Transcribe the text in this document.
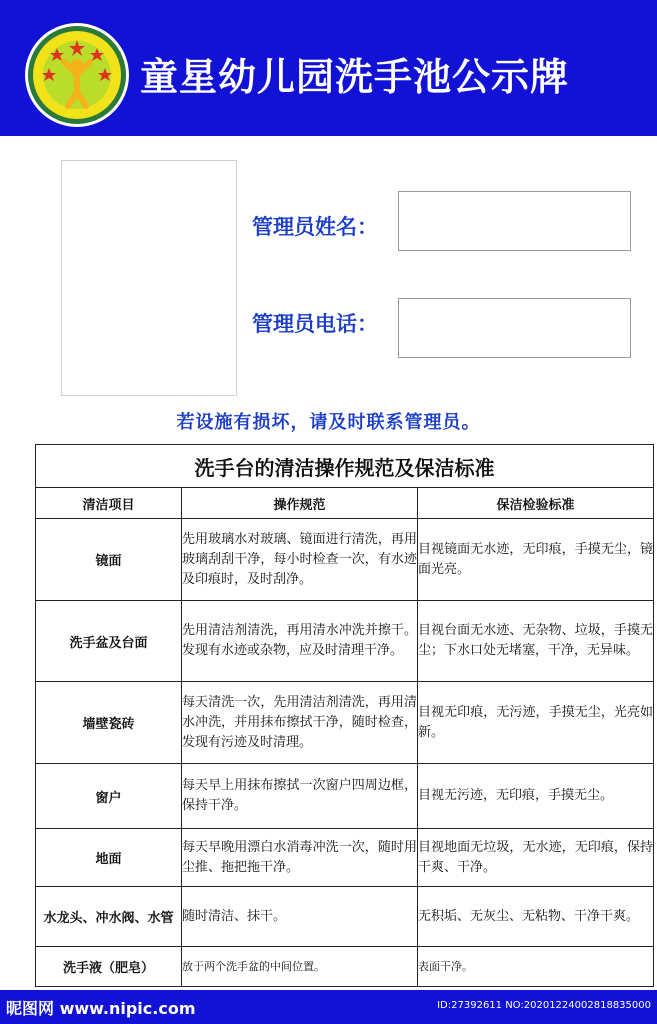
童星幼儿园洗手池公示牌
管理员姓名：
管理员电话：
若设施有损坏，请及时联系管理员。
洗手台的清洁操作规范及保洁标准		
清洁项目	操作规范	保洁检验标准
镜面	先用玻璃水对玻璃、镜面进行清洗，再用玻璃刮刮干净，每小时检查一次，有水迹及印痕时，及时刮净。	目视镜面无水迹，无印痕，手摸无尘，镜面光亮。
洗手盆及台面	先用清洁剂清洗，再用清水冲洗并擦干。发现有水迹或杂物，应及时清理干净。	目视台面无水迹、无杂物、垃圾，手摸无尘；下水口处无堵塞，干净，无异味。
墙壁瓷砖	每天清洗一次，先用清洁剂清洗，再用清水冲洗，并用抹布擦拭干净，随时检查，发现有污迹及时清理。	目视无印痕，无污迹，手摸无尘，光亮如新。
窗户	每天早上用抹布擦拭一次窗户四周边框，保持干净。	目视无污迹，无印痕，手摸无尘。
地面	每天早晚用漂白水消毒冲洗一次，随时用尘推、拖把拖干净。	目视地面无垃圾，无水迹，无印痕，保持干爽、干净。
水龙头、冲水阀、水管	随时清洁、抹干。	无积垢、无灰尘、无粘物、干净干爽。
洗手液（肥皂）	放于两个洗手盆的中间位置。	表面干净。
昵图网 www.nipic.com	ID:27392611 NO:20201224002818835000
